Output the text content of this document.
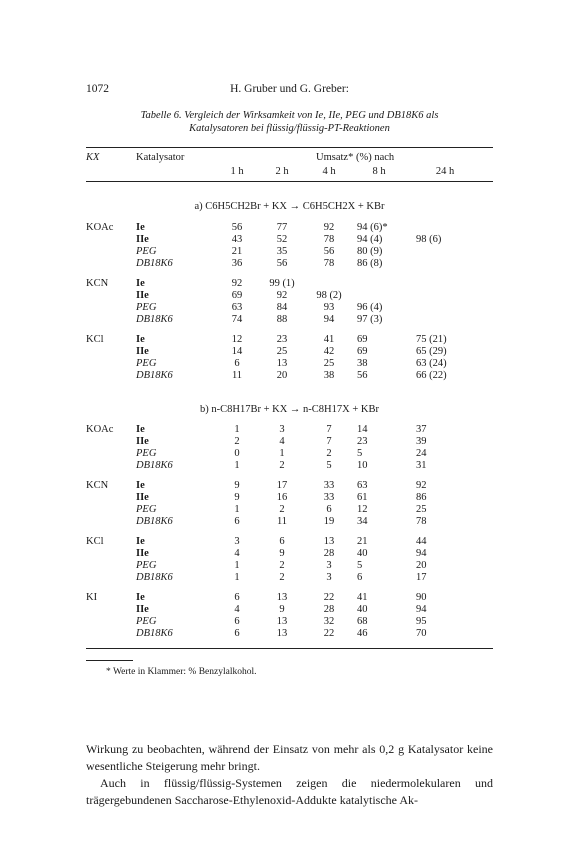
1072	H. Gruber und G. Greber:
Tabelle 6. Vergleich der Wirksamkeit von Ie, IIe, PEG und DB18K6 als
Katalysatoren bei flüssig/flüssig-PT-Reaktionen
KX	Katalysator	Umsatz* (%) nach
1 h	2 h	4 h	8 h	24 h
a) C6H5CH2Br + KX → C6H5CH2X + KBr
KOAc Ie	56	77	92	94 (6)*
IIe	43	52	78	94 (4)	98 (6)
PEG	21	35	56	80 (9)
DB18K6	36	56	78	86 (8)
KCN	Ie	92	99 (1)
IIe	69	92	98 (2)
PEG	63	84	93	96 (4)
DB18K6	74	88	94	97 (3)
KCl	Ie	12	23	41	69	75 (21)
IIe	14	25	42	69	65 (29)
PEG	6	13	25	38	63 (24)
DB18K6	11	20	38	56	66 (22)
b) n-C8H17Br + KX → n-C8H17X + KBr
KOAc Ie	1	3	7	14	37
IIe	2	4	7	23	39
PEG	0	1	2	5	24
DB18K6	1	2	5	10	31
KCN	Ie	9	17	33	63	92
IIe	9	16	33	61	86
PEG	1	2	6	12	25
DB18K6	6	11	19	34	78
KCl	Ie	3	6	13	21	44
IIe	4	9	28	40	94
PEG	1	2	3	5	20
DB18K6	1	2	3	6	17
KI	Ie	6	13	22	41	90
IIe	4	9	28	40	94
PEG	6	13	32	68	95
DB18K6	6	13	22	46	70
* Werte in Klammer: % Benzylalkohol.

Wirkung zu beobachten, während der Einsatz von mehr als 0,2 g Katalysator keine wesentliche Steigerung mehr bringt.

Auch in flüssig/flüssig-Systemen zeigen die niedermolekularen und trägergebundenen Saccharose-Ethylenoxid-Addukte katalytische Ak-
